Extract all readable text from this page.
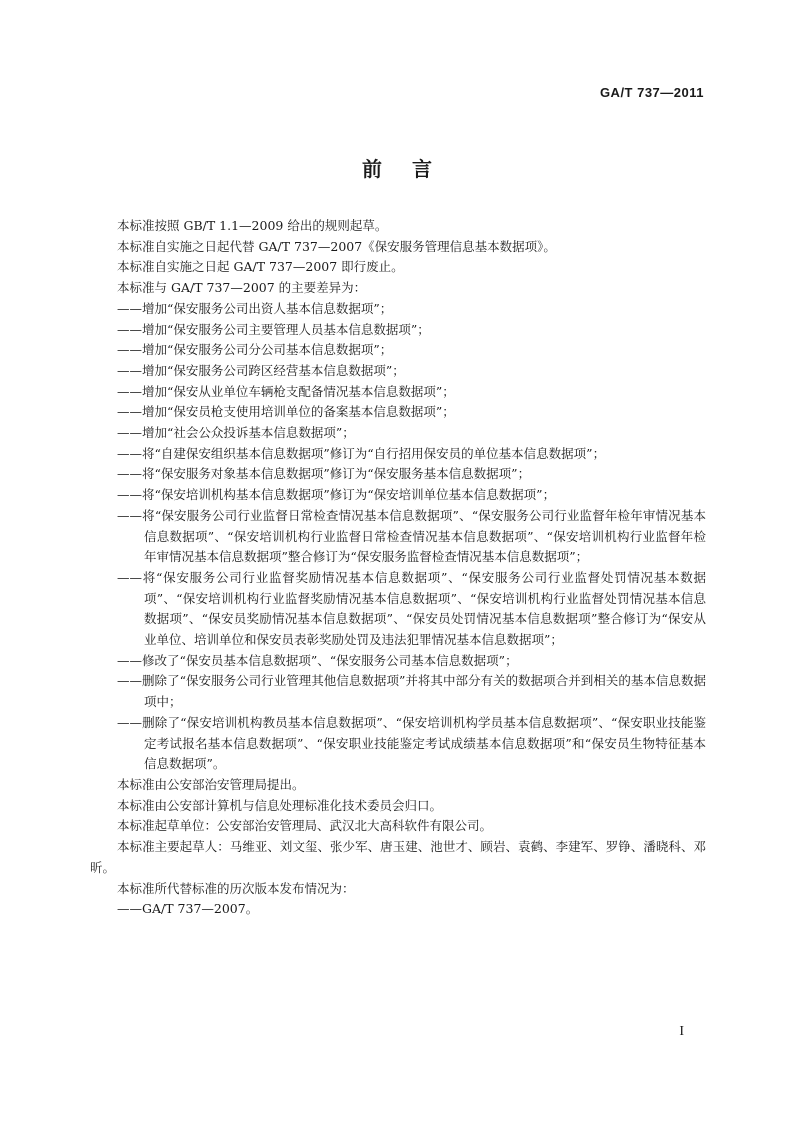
GA/T 737—2011
前言

本标准按照 GB/T 1.1—2009 给出的规则起草。

本标准自实施之日起代替 GA/T 737—2007《保安服务管理信息基本数据项》。

本标准自实施之日起 GA/T 737—2007 即行废止。

本标准与 GA/T 737—2007 的主要差异为：

——增加“保安服务公司出资人基本信息数据项”；

——增加“保安服务公司主要管理人员基本信息数据项”；

——增加“保安服务公司分公司基本信息数据项”；

——增加“保安服务公司跨区经营基本信息数据项”；

——增加“保安从业单位车辆枪支配备情况基本信息数据项”；

——增加“保安员枪支使用培训单位的备案基本信息数据项”；

——增加“社会公众投诉基本信息数据项”；

——将“自建保安组织基本信息数据项”修订为“自行招用保安员的单位基本信息数据项”；

——将“保安服务对象基本信息数据项”修订为“保安服务基本信息数据项”；

——将“保安培训机构基本信息数据项”修订为“保安培训单位基本信息数据项”；

——将“保安服务公司行业监督日常检查情况基本信息数据项”、“保安服务公司行业监督年检年审情况基本信息数据项”、“保安培训机构行业监督日常检查情况基本信息数据项”、“保安培训机构行业监督年检年审情况基本信息数据项”整合修订为“保安服务监督检查情况基本信息数据项”；

——将“保安服务公司行业监督奖励情况基本信息数据项”、“保安服务公司行业监督处罚情况基本数据项”、“保安培训机构行业监督奖励情况基本信息数据项”、“保安培训机构行业监督处罚情况基本信息数据项”、“保安员奖励情况基本信息数据项”、“保安员处罚情况基本信息数据项”整合修订为“保安从业单位、培训单位和保安员表彰奖励处罚及违法犯罪情况基本信息数据项”；

——修改了“保安员基本信息数据项”、“保安服务公司基本信息数据项”；

——删除了“保安服务公司行业管理其他信息数据项”并将其中部分有关的数据项合并到相关的基本信息数据项中；

——删除了“保安培训机构教员基本信息数据项”、“保安培训机构学员基本信息数据项”、“保安职业技能鉴定考试报名基本信息数据项”、“保安职业技能鉴定考试成绩基本信息数据项”和“保安员生物特征基本信息数据项”。

本标准由公安部治安管理局提出。

本标准由公安部计算机与信息处理标准化技术委员会归口。

本标准起草单位：公安部治安管理局、武汉北大高科软件有限公司。

本标准主要起草人：马维亚、刘文玺、张少军、唐玉建、池世才、顾岩、袁鹤、李建军、罗铮、潘晓科、邓昕。

本标准所代替标准的历次版本发布情况为：

——GA/T 737—2007。

I
